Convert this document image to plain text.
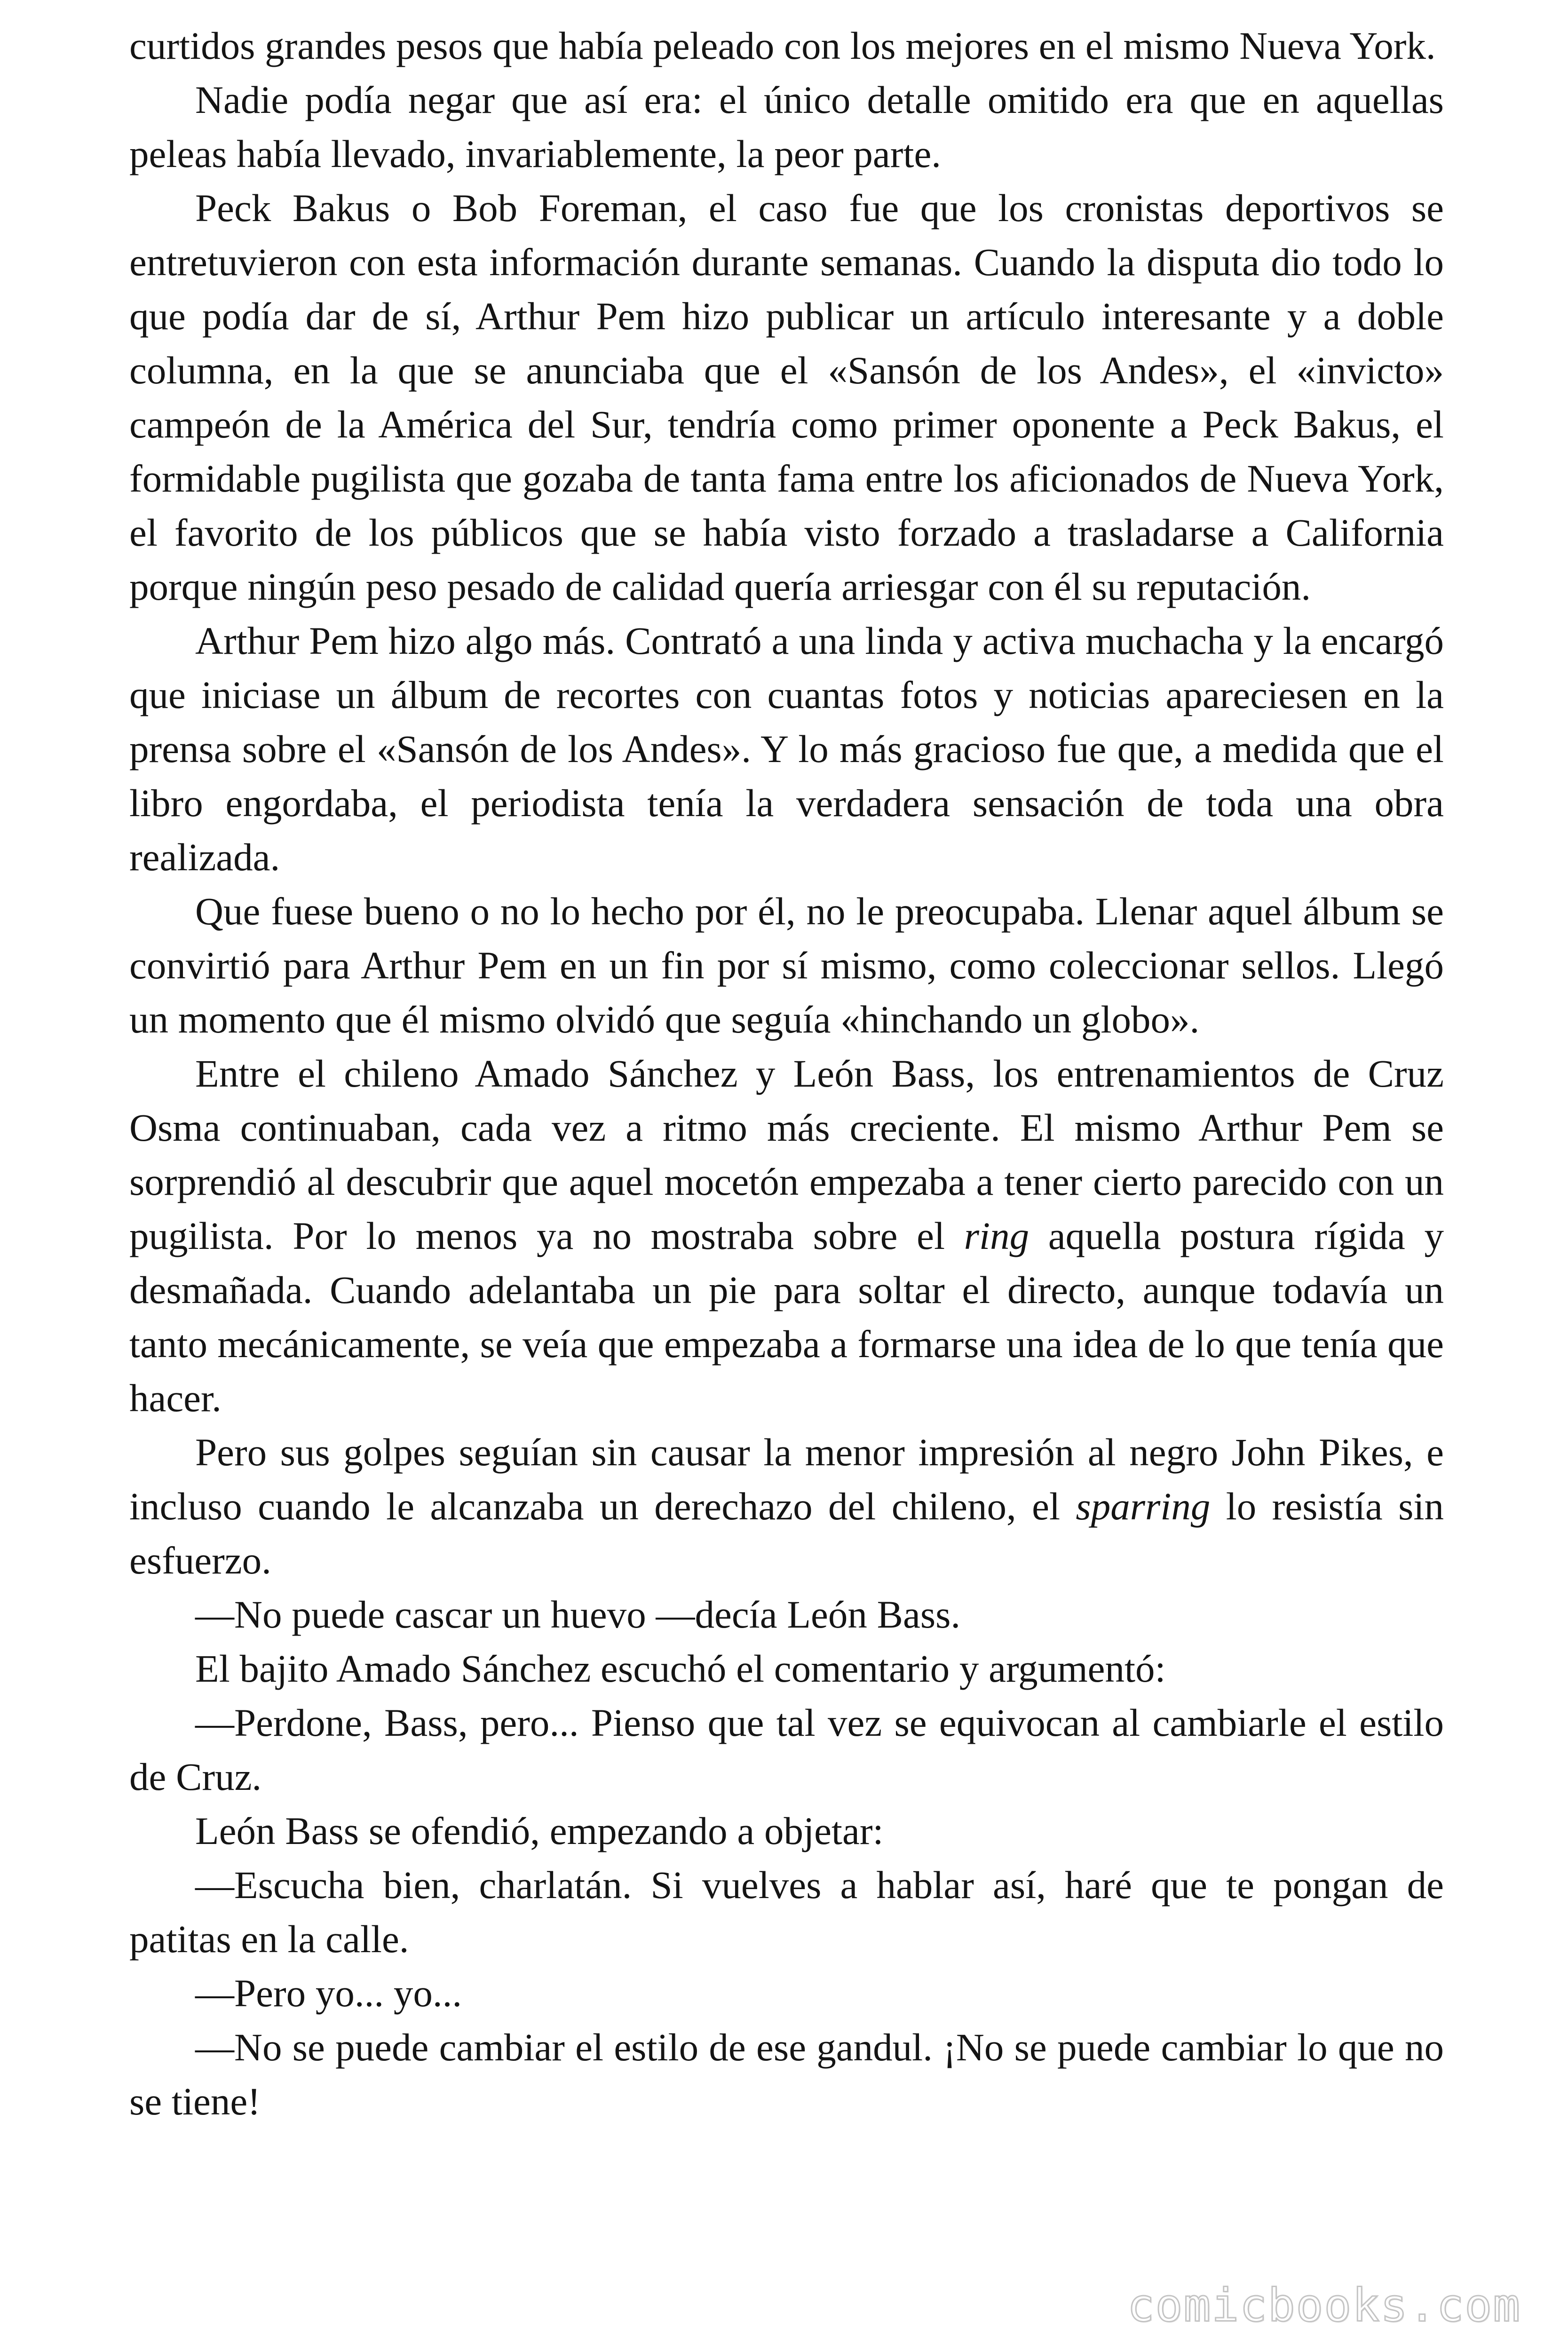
curtidos grandes pesos que había peleado con los mejores en el mismo Nueva York.

Nadie podía negar que así era: el único detalle omitido era que en aquellas peleas había llevado, invariablemente, la peor parte.

Peck Bakus o Bob Foreman, el caso fue que los cronistas deportivos se entretuvieron con esta información durante semanas. Cuando la disputa dio todo lo que podía dar de sí, Arthur Pem hizo publicar un artículo interesante y a doble columna, en la que se anunciaba que el «Sansón de los Andes», el «invicto» campeón de la América del Sur, tendría como primer oponente a Peck Bakus, el formidable pugilista que gozaba de tanta fama entre los aficionados de Nueva York, el favorito de los públicos que se había visto forzado a trasladarse a California porque ningún peso pesado de calidad quería arriesgar con él su reputación.

Arthur Pem hizo algo más. Contrató a una linda y activa muchacha y la encargó que iniciase un álbum de recortes con cuantas fotos y noticias apareciesen en la prensa sobre el «Sansón de los Andes». Y lo más gracioso fue que, a medida que el libro engordaba, el periodista tenía la verdadera sensación de toda una obra realizada.

Que fuese bueno o no lo hecho por él, no le preocupaba. Llenar aquel álbum se convirtió para Arthur Pem en un fin por sí mismo, como coleccionar sellos. Llegó un momento que él mismo olvidó que seguía «hinchando un globo».

Entre el chileno Amado Sánchez y León Bass, los entrenamientos de Cruz Osma continuaban, cada vez a ritmo más creciente. El mismo Arthur Pem se sorprendió al descubrir que aquel mocetón empezaba a tener cierto parecido con un pugilista. Por lo menos ya no mostraba sobre el ring aquella postura rígida y desmañada. Cuando adelantaba un pie para soltar el directo, aunque todavía un tanto mecánicamente, se veía que empezaba a formarse una idea de lo que tenía que hacer.

Pero sus golpes seguían sin causar la menor impresión al negro John Pikes, e incluso cuando le alcanzaba un derechazo del chileno, el sparring lo resistía sin esfuerzo.

—No puede cascar un huevo —decía León Bass.

El bajito Amado Sánchez escuchó el comentario y argumentó:

—Perdone, Bass, pero... Pienso que tal vez se equivocan al cambiarle el estilo de Cruz.

León Bass se ofendió, empezando a objetar:

—Escucha bien, charlatán. Si vuelves a hablar así, haré que te pongan de patitas en la calle.

—Pero yo... yo...

—No se puede cambiar el estilo de ese gandul. ¡No se puede cambiar lo que no se tiene!

comicbooks.com
